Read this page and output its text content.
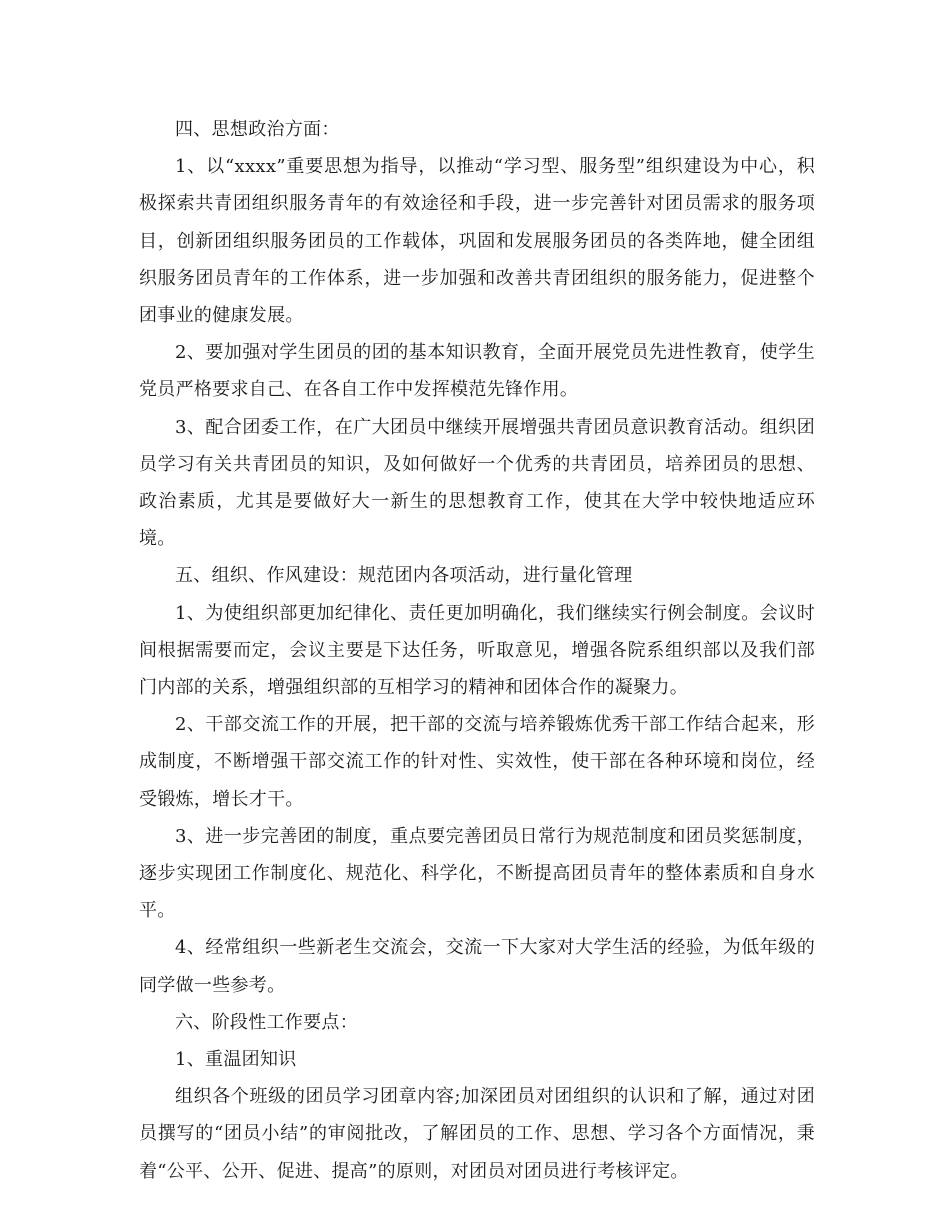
四、思想政治方面：

1、以“xxxx”重要思想为指导，以推动“学习型、服务型”组织建设为中心，积极探索共青团组织服务青年的有效途径和手段，进一步完善针对团员需求的服务项目，创新团组织服务团员的工作载体，巩固和发展服务团员的各类阵地，健全团组织服务团员青年的工作体系，进一步加强和改善共青团组织的服务能力，促进整个团事业的健康发展。

2、要加强对学生团员的团的基本知识教育，全面开展党员先进性教育，使学生党员严格要求自己、在各自工作中发挥模范先锋作用。

3、配合团委工作，在广大团员中继续开展增强共青团员意识教育活动。组织团员学习有关共青团员的知识，及如何做好一个优秀的共青团员，培养团员的思想、政治素质，尤其是要做好大一新生的思想教育工作，使其在大学中较快地适应环境。

五、组织、作风建设：规范团内各项活动，进行量化管理

1、为使组织部更加纪律化、责任更加明确化，我们继续实行例会制度。会议时间根据需要而定，会议主要是下达任务，听取意见，增强各院系组织部以及我们部门内部的关系，增强组织部的互相学习的精神和团体合作的凝聚力。

2、干部交流工作的开展，把干部的交流与培养锻炼优秀干部工作结合起来，形成制度，不断增强干部交流工作的针对性、实效性，使干部在各种环境和岗位，经受锻炼，增长才干。

3、进一步完善团的制度，重点要完善团员日常行为规范制度和团员奖惩制度，逐步实现团工作制度化、规范化、科学化，不断提高团员青年的整体素质和自身水平。

4、经常组织一些新老生交流会，交流一下大家对大学生活的经验，为低年级的同学做一些参考。

六、阶段性工作要点：

1、重温团知识

组织各个班级的团员学习团章内容;加深团员对团组织的认识和了解，通过对团员撰写的“团员小结”的审阅批改，了解团员的工作、思想、学习各个方面情况，秉着“公平、公开、促进、提高”的原则，对团员对团员进行考核评定。
